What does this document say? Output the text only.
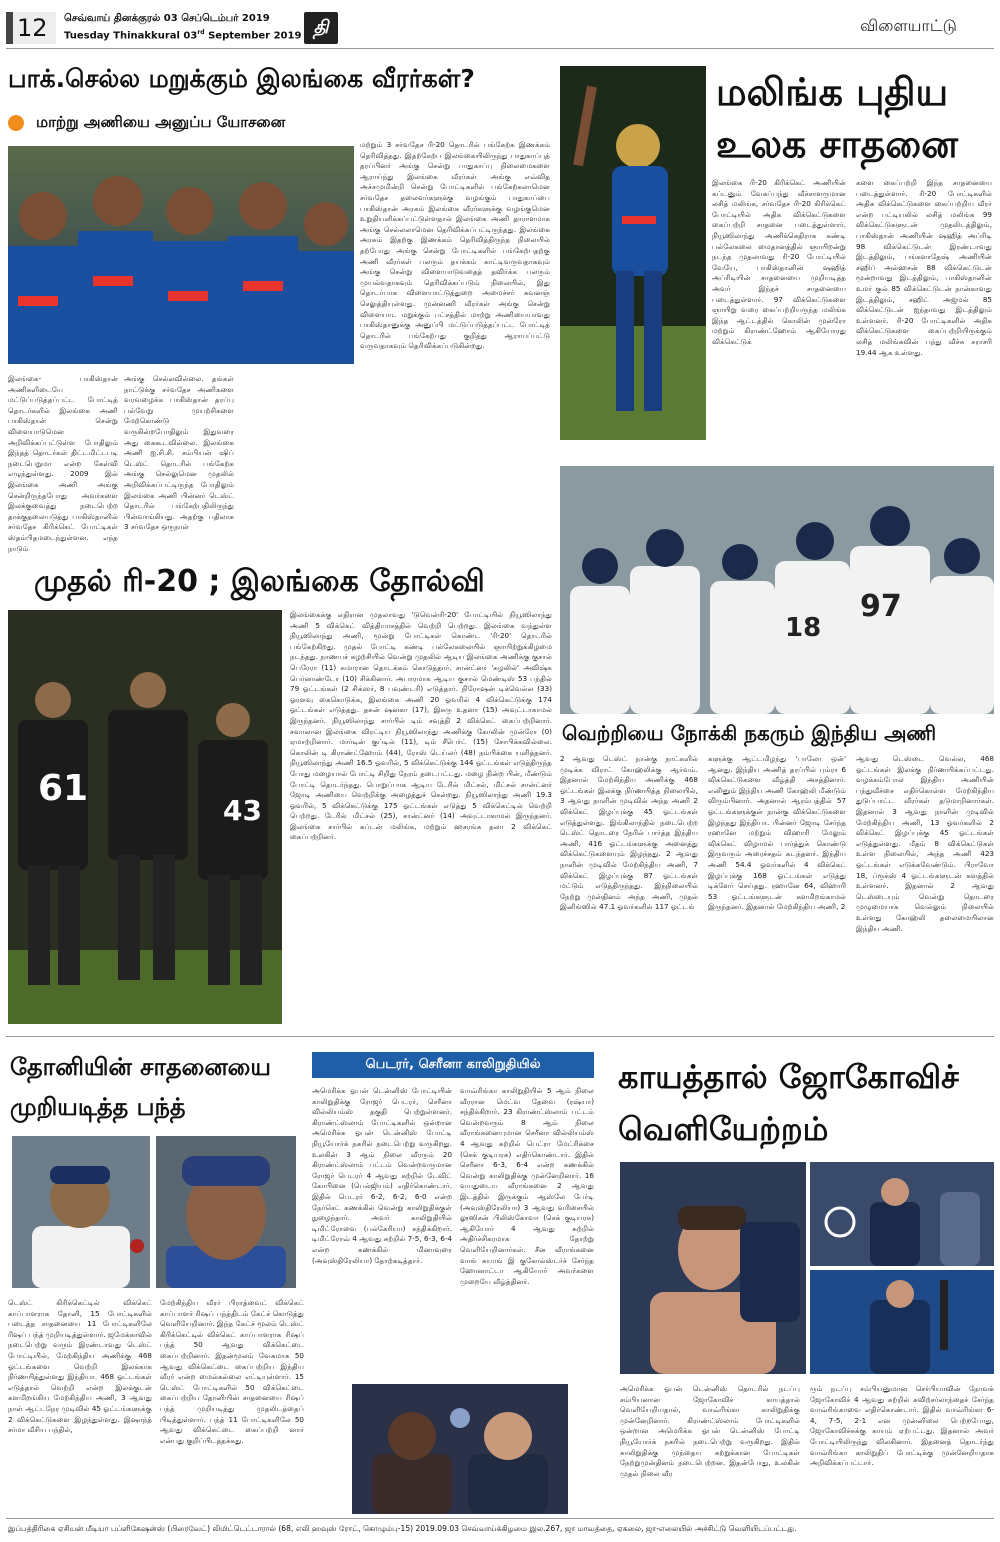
12	செவ்வாய் தினக்குரல் 03 செப்டெம்பர் 2019
Tuesday Thinakkural 03rd September 2019 தி	விளையாட்டு
பாக்.செல்ல மறுக்கும் இலங்கை வீரர்கள்?
மாற்று அணியை அனுப்ப யோசனை
இலங்கை- பாகிஸ்தான் அணிகளிடையே மட்டுப்படுத்தப்பட்ட போட்டித் தொடர்களில் இலங்கை அணி பாகிஸ்தான் சென்று விளையாடுமென அறிவிக்கப்பட்டுள்ள போதிலும் இந்தத் தொடர்கள் திட்டமிட்டபடி நடைபெறுமா என்ற கேள்வி எழுந்துள்ளது. 2009 இல் இலங்கை அணி அங்கு சென்றிருந்தபோது அவர்களை இலக்குவைத்து நடைபெற்ற தாக்குதலையடுத்து பாகிஸ்தானில் சர்வதேச கிரிக்கெட் போட்டிகள் ஸ்தம்பிதமடைந்துள்ளன. எந்த நாடும்
அங்கு செல்லவில்லை. தங்கள் நாட்டுக்கு சர்வதேச அணிகளை வரவழைக்க பாகிஸ்தான் தரப்பு பல்வேறு முயற்சிகளை மேற்கொண்டு வருகின்றபோதிலும் இதுவரை அது கைகூடவில்லை. இலங்கை அணி ஐ.சி.சி. சம்பியன் ஷிப் டெஸ்ட் தொடரில் பங்கேற்க அங்கு செல்லுமென முதலில் அறிவிக்கப்பட்டிருந்த போதிலும் இலங்கை அணி பின்னர் டெஸ்ட் தொடரில் பங்கேற்பதிலிருந்து பின்வாங்கியது. அதற்கு பதிலாக 3 சர்வதேச ஒருநாள்
மற்றும் 3 சர்வதேச ரி-20 தொடரில் பங்கேற்க இணக்கம் தெரிவித்தது. இதற்கேற்ப இலங்கையிலிருந்து பாதுகாப்புத் தரப்பினர் அங்கு சென்று பாதுகாப்பு நிலைமைகளை ஆராய்ந்து இலங்கை வீரர்கள் அங்கு எவ்வித அச்சமுமின்றி சென்று போட்டிகளில் பங்கேற்கலாமென சர்வதேச தலைவர்களுக்கு வழங்கும் பாதுகாப்பை பாகிஸ்தான் அரசும் இலங்கை வீரர்களுக்கு வழங்குமென உறுதியளிக்கப்பட்டுள்ளதால் இலங்கை அணி தாராளமாக அங்கு செல்லலாமென தெரிவிக்கப்பட்டிருந்தது. இலங்கை அரசும் இதற்கு இணக்கம் தெரிவித்திருந்த நிலையில் தற்போது அங்கு சென்று போட்டிகளில் பங்கேற்பதற்கு அணி வீரர்கள் பலரும் தயக்கம் காட்டிவருவதாகவும் அங்கு சென்று விளையாடுவதைத் தவிர்க்க பலரும் முயல்வதாகவும் தெரிவிக்கப்படும் நிலையில், இது தொடர்பாக விளையாட்டுத்துறை அமைச்சர் கவனஞ் செலுத்தியுள்ளது. முன்னணி வீரர்கள் அங்கு சென்று விளையாட மறுக்கும் பட்சத்தில் மாற்று அணியையாவது பாகிஸ்தானுக்கு அனுப்பி மட்டுப்படுத்தப்பட்ட போட்டித் தொடரில் பங்கேற்பது குறித்து ஆராயப்பட்டு வருவதாகவும் தெரிவிக்கப்படுகின்றது.
மலிங்க புதிய
உலக சாதனை
இலங்கை ரி-20 கிரிக்கெட் அணியின் கப்டனும் வேகப்பந்து வீச்சாளருமான லசித் மலிங்க, சர்வதேச ரி-20 கிரிக்கெட் போட்டியில் அதிக விக்கெட்டுகளை கைப்பற்றி சாதனை படைத்துள்ளார். நியூஸிலாந்து அணிக்கெதிராக கண்டி பல்லேகலை மைதானத்தில் ஞாயிறன்று நடந்த முதலாவது ரி-20 போட்டியில் வேயே, பாகிஸ்தானின் ஷஹித் அப்ரிடியின் சாதனையை முறியடித்த அவர் இந்தச் சாதனையை படைத்துள்ளார். 97 விக்கெட்டுகளை ஞாயிறு வரை கைப்பற்றியருந்த மலிங்க இந்த ஆட்டத்தில் கொலின் முன்ரோ மற்றும் கிராண்ட்ஹோம் ஆகியோரது விக்கெட்டுக்
களை கைப்பற்றி இந்த சாதனையை படைத்துள்ளார். ரி-20 போட்டிகளில் அதிக விக்கெட்டுகளை கைப்பற்றிய வீரர் என்ற பட்டியலில் லசித் மலிங்க 99 விக்கெட்டுகளுடன் முதலிடத்திலும், பாகிஸ்தான் அணியின் ஷஹித் அப்ரிடி 98 விக்கெட்டுடன் இரண்டாவது இடத்திலும், பங்களாதேஷ் அணியின் சஹிப் அல்ஹசன் 88 விக்கெட்டுடன் மூன்றாவது இடத்திலும், பாகிஸ்தானின் உமர் குல் 85 விக்கெட்டுடன் நான்காவது இடத்திலும், சஹிட் அஜ்மல் 85 விக்கெட்டுடன் ஐந்தாவது இடத்திலும் உள்ளனர். ரி-20 போட்டிகளில் அதிக விக்கெட்டுகளை கைப்பற்றியிருக்கும் லசித் மலிங்கவின் பந்து வீச்சு சராசரி 19.44 ஆக உள்ளது.
முதல் ரி-20 ; இலங்கை தோல்வி
61
43
இலங்கைக்கு எதிரான முதலாவது 'டுவென்ரி-20' போட்டியில் நியூஸிலாந்து அணி 5 விக்கெட் வித்தியாசத்தில் வெற்றி பெற்றது. இலங்கை வந்துள்ள நியூஸிலாந்து அணி, மூன்று போட்டிகள் கொண்ட 'ரி-20' தொடரில் பங்கேற்கிறது. முதல் போட்டி கண்டி பல்லேகலையில் ஞாயிற்றுக்கிழமை நடந்தது. நாணயச் சுழற்சியில் வென்று முதலில் ஆடிய இலங்கை அணிக்கு குசால் பெரேரா (11) சுமாரான தொடக்கம் கொடுத்தார். சான்ட்னர் 'சுழலில்' அவிஷ்க பெர்னாண்டோ (10) சிக்கினார். அபாரமாக ஆடிய குசால் மெண்டிஸ் 53 பந்தில் 79 ஓட்டங்கள் (2 சிக்ஸர், 8 பவுண்டரி) எடுத்தார். நிரோஷன் டிக்வெல்ல (33) ஓரளவு கைகொடுக்க, இலங்கை அணி 20 ஓவரில் 4 விக்கெட்டுக்கு 174 ஓட்டங்கள் எடுத்தது. தசுன் ஷனகா (17), இசுரு உதனா (15) அவுட்டாகாமல் இருந்தனர். நியூஸிலாந்து சார்பில் டிம் சவுத்தி 2 விக்கெட் கைப்பற்றினார். சவாலான இலங்கை விரட்டிய நியூஸிலாந்து அணிக்கு கோலின் முன்ரோ (0) ஏமாற்றினார். மார்டின் குப்டில் (11), டிம் சீபெர்ட் (15) சோபிக்கவில்லை. கொலின் டி கிராண்ட்ஹோம் (44), ரோஸ் டெய்லர் (48) நம்பிக்கை யளித்தனர். நியூஸிலாந்து அணி 16.5 ஓவரில், 5 விக்கெட்டுக்கு 144 ஓட்டங்கள் எடுத்திருந்த போது மழையால் போட்டி சிறிது நேரம் தடைபட்டது. மழை நின்ற பின், மீண்டும் போட்டி தொடர்ந்தது. பொறுப்பாக ஆடிய டேரில் மிட்சல், மிட்சல் சான்ட்னர் ஜோடி அணியை வெற்றிக்கு அழைத்துச் சென்றது. நியூஸிலாந்து அணி 19.3 ஓவரில், 5 விக்கெட்டுக்கு 175 ஓட்டங்கள் எடுத்து 5 விக்கெட்டில் வெற்றி பெற்றது. டேரில் மிட்சல் (25), சான்ட்னர் (14) அவுட்டாகாமல் இருந்தனர். இலங்கை சார்பில் கப்டன் மலிங்க, மற்றும் ஹசரங்க தலா 2 விக்கெட் கைப்பற்றினர்.
97
18
வெற்றியை நோக்கி நகரும் இந்திய அணி
2 ஆவது டெஸ்ட் நான்கு நாட்களில் முடிக்க விராட் கோஹ்லிக்கு ஆர்வம். இதனால் மேற்கிந்திய அணிக்கு 468 ஓட்டங்கள் இலக்கு நிர்ணயித்த நிலையில், 3 ஆவது நாளின் முடிவில் அந்த அணி 2 விக்கெட் இழப்புக்கு 45 ஓட்டங்கள் எடுத்துள்ளது. இங்கிலாந்தில் நடைபெற்ற டெஸ்ட் தொடரை நேரில் பார்த்த இந்திய அணி, 416 ஓட்டங்களுக்கு அனைத்து விக்கெட்டுகளையும் இழந்தது. 2 ஆவது நாளின் முடிவில் மேற்கிந்திய அணி, 7 விக்கெட் இழப்புக்கு 87 ஓட்டங்கள் மட்டும் எடுத்திருந்தது. இந்நிலையில் நேற்று முன்தினம் அந்த அணி, முதல் இனிங்ஸில் 47.1 ஓவர்களில் 117 ஓட்டங்
களுக்கு ஆட்டமிழந்து 'பாலோ ஒன்' ஆனது. இந்திய அணித் தரப்பில் பும்ரா 6 விக்கெட்டுகளை வீழ்த்தி அசத்தினார். எனினும் இந்திய அணி கோஹ்லி மீண்டும் விரும்பினார். அதனால் ஆரம்பத்தில் 57 ஓட்டங்களுக்குள் நான்கு விக்கெட்டுகளை இழந்தது இந்தியா. பின்னர் ஜோடி சேர்ந்த ரஹானே மற்றும் விஹாரி மேலும் விக்கெட் விழாமல் பார்த்துக் கொண்டு இருவரும் அரைச்சதம் கடந்தனர். இந்திய அணி 54.4 ஓவர்களில் 4 விக்கெட் இழப்புக்கு 168 ஓட்டங்கள் எடுத்து டிக்ளேர் செய்தது. ரஹானே 64, விஹாரி 53 ஓட்டங்களுடன் களமிறங்காமல் இருந்தனர். இதனால் மேற்கிந்திய அணி, 2
ஆவது டெஸ்டை வெல்ல, 468 ஓட்டங்கள் இலக்கு நிர்ணயிக்கப்பட்டது. வழக்கம்போல இந்திய அணியின் பந்துவீச்சை எதிர்கொள்ள மேற்கிந்திய துடுப்பாட்ட வீரர்கள் தடுமாறினார்கள். இதனால் 3 ஆவது நாளின் முடிவில் மேற்கிந்திய அணி, 13 ஓவர்களில் 2 விக்கெட் இழப்புக்கு 45 ஓட்டங்கள் எடுத்துள்ளது. மீதம் 8 விக்கெட்டுகள் உள்ள நிலையில், அந்த அணி 423 ஓட்டங்கள் எடுக்கவேண்டும். பிராவோ 18, ப்ரூக்ஸ் 4 ஓட்டங்களுடன் களத்தில் உள்ளனர். இதனால் 2 ஆவது டெஸ்டையும் வென்று தொடரை முழுமையாக வெல்லும் நிலையில் உள்ளது கோஹ்லி தலைமையிலான இந்திய அணி.
தோனியின் சாதனையை
முறியடித்த பந்த்
டெஸ்ட் கிரிக்கெட்டில் விக்கெட் காப்பாளராக தோனி, 15 போட்டிகளில் படைத்த சாதனையை 11 போட்டிகளிலே ரிஷப் பந்த் முறியடித்துள்ளார். ஜமேக்காவில் நடைபெற்று வரும் இரண்டாவது டெஸ்ட் போட்டியில், மேற்கிந்திய அணிக்கு 468 ஓட்டங்களை வெற்றி இலக்காக நிர்ணயித்துள்ளது இந்தியா. 468 ஓட்டங்கள் எடுத்தால் வெற்றி என்ற இலக்குடன் களமிறங்கிய மேற்கிந்திய அணி, 3 ஆவது நாள் ஆட்டநேர முடிவில் 45 ஓட்டங்களுக்கு 2 விக்கெட்டுகளை இழந்துள்ளது. இஷாந்த் சர்மா வீசிய பந்தில்,
மேற்கிந்திய வீரர் பிராத்வைட் விக்கெட் காப்பாளர் ரிஷப் பந்த்திடம் கேட்ச் கொடுத்து வெளியேறினார். இந்த கேட்ச் மூலம் டெஸ்ட் கிரிக்கெட்டில் விக்கெட் காப்பாளராக ரிஷப் பந்த் 50 ஆவது விக்கெட்டை கைப்பற்றினார். இதன்மூலம் வேகமாக 50 ஆவது விக்கெட்டை கைப்பற்றிய இந்திய வீரர் என்ற மைல்கல்லை எட்டியுள்ளார். 15 டெஸ்ட் போட்டிகளில் 50 விக்கெட்டை கைப்பற்றிய தோனியின் சாதனையை ரிஷப் பந்த் முறியடித்து முதலிடத்தைப் பிடித்துள்ளார். பந்த் 11 போட்டிகளிலே 50 ஆவது விக்கெட்டை கைப்பற்றி னார் என்பது குறிப்பிடத்தக்கது.
பெடரர், செரீனா காலிறுதியில்
அமெரிக்க ஓபன் டென்னிஸ் போட்டியின் காலிறுதிக்கு ரோஜர் பெடரர், செரீனா வில்லியம்ஸ் தகுதி பெற்றுள்ளனர். கிராண்ட்ஸ்லாம் போட்டிகளில் ஒன்றான அமெரிக்க ஓபன் டென்னிஸ் போட்டி நியூயோர்க் நகரில் நடைபெற்று வருகிறது. உலகின் 3 ஆம் நிலை வீரரும் 20 கிராண்ட்ஸ்லாம் பட்டம் வென்றவருமான ரோஜர் பெடரர் 4 ஆவது சுற்றில் டேவிட் கோபினை (பெல்ஜியம்) எதிர்கொண்டார். இதில் பெடரர் 6-2, 6-2, 6-0 என்ற நேர்செட் கணக்கில் வென்று காலிறுதிக்குள் நுழைந்தார். அவர் காலிறுதியில் டிமிட்ரோவை (பல்கேரியா) சந்திக்கிறார். டிமிட்ரோவ் 4 ஆவது சுற்றில் 7-5, 6-3, 6-4 என்ற கணக்கில் மினாவுரை (அவுஸ்திரேலியா) தோற்கடித்தார்.
வாவ்ரிங்கா காலிறுதியில் 5 ஆம் நிலை வீரரான மெட்வ தேவை (ரஷ்யா) சந்திக்கிறார். 23 கிராண்ட்ஸ்லாம் பட்டம் வென்றவரும் 8 ஆம் நிலை வீராங்கனையுமான செரீனா வில்லியம்ஸ் 4 ஆவது சுற்றில் பெட்ரா மேட்ரிக்சை (செக் குடியரசு) எதிர்கொண்டார். இதில் செரீனா 6-3, 6-4 என்ற கணக்கில் வென்று காலிறுதிக்கு முன்னேறினார். 16 வயதுடைய வீராங்கனை 2 ஆவது இடத்தில் இருக்கும் ஆஸ்லே பேர்டி (அவுஸ்திரேலியா) 3 ஆவது வரிசையில் லூஸிசன் பிலிஸ்கோவா (செக் குடியரசு) ஆகியோர் 4 ஆவது சுற்றில் அதிர்ச்சிகரமாக தோற்று வெளியேறினார்கள். சீன வீராங்கனை வாங் சுயாங் இ குகோல்ஸ்டர்ச் சேர்ந்த ஹோனாட்டா ஆகியோர் அவர்களை முறையே வீழ்த்தினர்.
காயத்தால் ஜோகோவிச்
வெளியேற்றம்
அமெரிக்க ஓபன் டென்னிஸ் தொடரில் நடப்பு சம்பியனான ஜோகோவிச் காயத்தால் வெளியேறியதால், வாவ்ரிங்கா காலிறுதிக்கு முன்னேறினார். கிராண்ட்ஸ்லாம் போட்டிகளில் ஒன்றான அமெரிக்க ஓபன் டென்னிஸ் போட்டி நியூயோர்க் நகரில் நடைபெற்று வருகிறது. இதில் காலிறுதிக்கு முந்தைய சுற்றுக்கான போட்டிகள் நேற்றுமுன்தினம் நடைபெற்றன. இதன்போது, உலகின் முதல் நிலை வீர
ரும் நடப்பு சம்பியனுமான செர்பியாவின் நோவக் ஜோகோவிச் 4 ஆவது சுற்றில் சுவிற்சர்லாந்தைச் சேர்ந்த வாவ்ரிங்காவை எதிர்கொண்டார். இதில் வாவ்ரிங்கா 6-4, 7-5, 2-1 என முன்னிலை பெற்றபோது, ஜோகோவிச்சுக்கு காயம் ஏற்பட்டது. இதனால் அவர் போட்டியிலிருந்து விலகினார். இதனைத் தொடர்ந்து வாவ்ரிங்கா காலிறுதிப் போட்டிக்கு முன்னேறியதாக அறிவிக்கப்பட்டார்.
இப்பத்திரிகை ஏசியன் மீடியா பப்ளிகேஷன்ஸ் (பிரைவேட்) லிமிட்டெட்டாரால் (68, எலி ஹவுஸ் ரோட், கொழும்பு-15) 2019.09.03 செவ்வாய்க்கிழமை இல.267, ஜா மாவத்தை, ஏகலை, ஜா-எலையில் அச்சிட்டு வெளியிடப்பட்டது.
